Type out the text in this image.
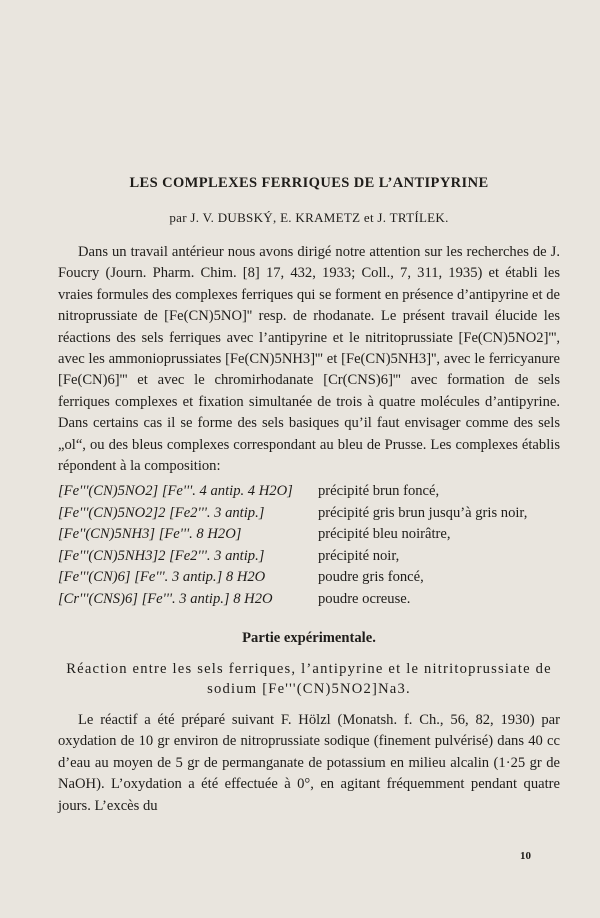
LES COMPLEXES FERRIQUES DE L’ANTIPYRINE
par J. V. DUBSKÝ, E. KRAMETZ et J. TRTÍLEK.

Dans un travail antérieur nous avons dirigé notre attention sur les recherches de J. Foucry (Journ. Pharm. Chim. [8] 17, 432, 1933; Coll., 7, 311, 1935) et établi les vraies formules des complexes ferriques qui se forment en présence d’antipyrine et de nitroprussiate de [Fe(CN)5NO]'' resp. de rhodanate. Le présent travail élucide les réactions des sels ferriques avec l’antipyrine et le nitritoprussiate [Fe(CN)5NO2]''', avec les ammonioprussiates [Fe(CN)5NH3]''' et [Fe(CN)5NH3]'', avec le ferricyanure [Fe(CN)6]''' et avec le chromirhodanate [Cr(CNS)6]''' avec formation de sels ferriques complexes et fixation simultanée de trois à quatre molécules d’antipyrine. Dans certains cas il se forme des sels basiques qu’il faut envisager comme des sels „ol“, ou des bleus complexes correspondant au bleu de Prusse. Les complexes établis répondent à la composition:

[Fe'''(CN)5NO2] [Fe'''. 4 antip. 4 H2O]	précipité brun foncé,
[Fe'''(CN)5NO2]2 [Fe2'''. 3 antip.]	précipité gris brun jusqu’à gris noir,
[Fe''(CN)5NH3] [Fe'''. 8 H2O]	précipité bleu noirâtre,
[Fe'''(CN)5NH3]2 [Fe2'''. 3 antip.]	précipité noir,
[Fe'''(CN)6] [Fe'''. 3 antip.] 8 H2O	poudre gris foncé,
[Cr'''(CNS)6] [Fe'''. 3 antip.] 8 H2O	poudre ocreuse.
Partie expérimentale.
Réaction entre les sels ferriques, l’antipyrine et le nitritoprussiate de sodium [Fe'''(CN)5NO2]Na3.

Le réactif a été préparé suivant F. Hölzl (Monatsh. f. Ch., 56, 82, 1930) par oxydation de 10 gr environ de nitroprussiate sodique (finement pulvérisé) dans 40 cc d’eau au moyen de 5 gr de permanganate de potassium en milieu alcalin (1·25 gr de NaOH). L’oxydation a été effectuée à 0°, en agitant fréquemment pendant quatre jours. L’excès du

10
